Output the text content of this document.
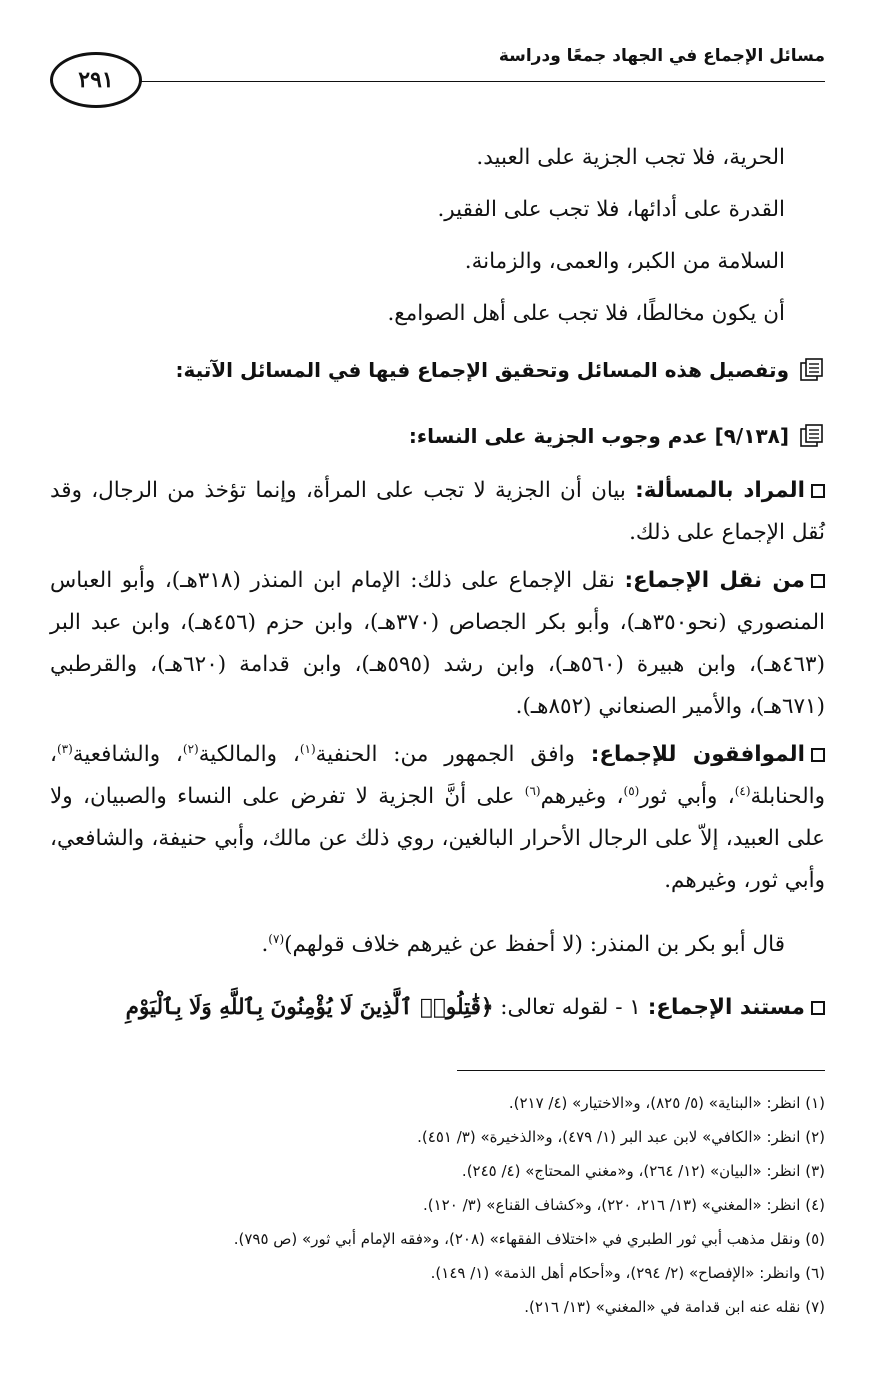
مسائل الإجماع في الجهاد جمعًا ودراسة
٢٩١

الحرية، فلا تجب الجزية على العبيد.

القدرة على أدائها، فلا تجب على الفقير.

السلامة من الكبر، والعمى، والزمانة.

أن يكون مخالطًا، فلا تجب على أهل الصوامع.

وتفصيل هذه المسائل وتحقيق الإجماع فيها في المسائل الآتية:
[٩/١٣٨] عدم وجوب الجزية على النساء:

المراد بالمسألة: بيان أن الجزية لا تجب على المرأة، وإنما تؤخذ من الرجال، وقد نُقل الإجماع على ذلك.

من نقل الإجماع: نقل الإجماع على ذلك: الإمام ابن المنذر (٣١٨هـ)، وأبو العباس المنصوري (نحو٣٥٠هـ)، وأبو بكر الجصاص (٣٧٠هـ)، وابن حزم (٤٥٦هـ)، وابن عبد البر (٤٦٣هـ)، وابن هبيرة (٥٦٠هـ)، وابن رشد (٥٩٥هـ)، وابن قدامة (٦٢٠هـ)، والقرطبي (٦٧١هـ)، والأمير الصنعاني (٨٥٢هـ).

الموافقون للإجماع: وافق الجمهور من: الحنفية$^{(١)}$، والمالكية$^{(٢)}$، والشافعية$^{(٣)}$، والحنابلة$^{(٤)}$، وأبي ثور$^{(٥)}$، وغيرهم$^{(٦)}$ على أنَّ الجزية لا تفرض على النساء والصبيان، ولا على العبيد، إلاّ على الرجال الأحرار البالغين، روي ذلك عن مالك، وأبي حنيفة، والشافعي، وأبي ثور، وغيرهم.

قال أبو بكر بن المنذر: (لا أحفظ عن غيرهم خلاف قولهم)$^{(٧)}$.

مستند الإجماع: ١ - لقوله تعالى: ﴿قَٰتِلُوا۟ ٱلَّذِينَ لَا يُؤْمِنُونَ بِٱللَّهِ وَلَا بِٱلْيَوْمِ

(١) انظر: «البناية» (٥/ ٨٢٥)، و«الاختيار» (٤/ ٢١٧).
(٢) انظر: «الكافي» لابن عبد البر (١/ ٤٧٩)، و«الذخيرة» (٣/ ٤٥١).
(٣) انظر: «البيان» (١٢/ ٢٦٤)، و«مغني المحتاج» (٤/ ٢٤٥).
(٤) انظر: «المغني» (١٣/ ٢١٦، ٢٢٠)، و«كشاف القناع» (٣/ ١٢٠).
(٥) ونقل مذهب أبي ثور الطبري في «اختلاف الفقهاء» (٢٠٨)، و«فقه الإمام أبي ثور» (ص ٧٩٥).
(٦) وانظر: «الإفصاح» (٢/ ٢٩٤)، و«أحكام أهل الذمة» (١/ ١٤٩).
(٧) نقله عنه ابن قدامة في «المغني» (١٣/ ٢١٦).
